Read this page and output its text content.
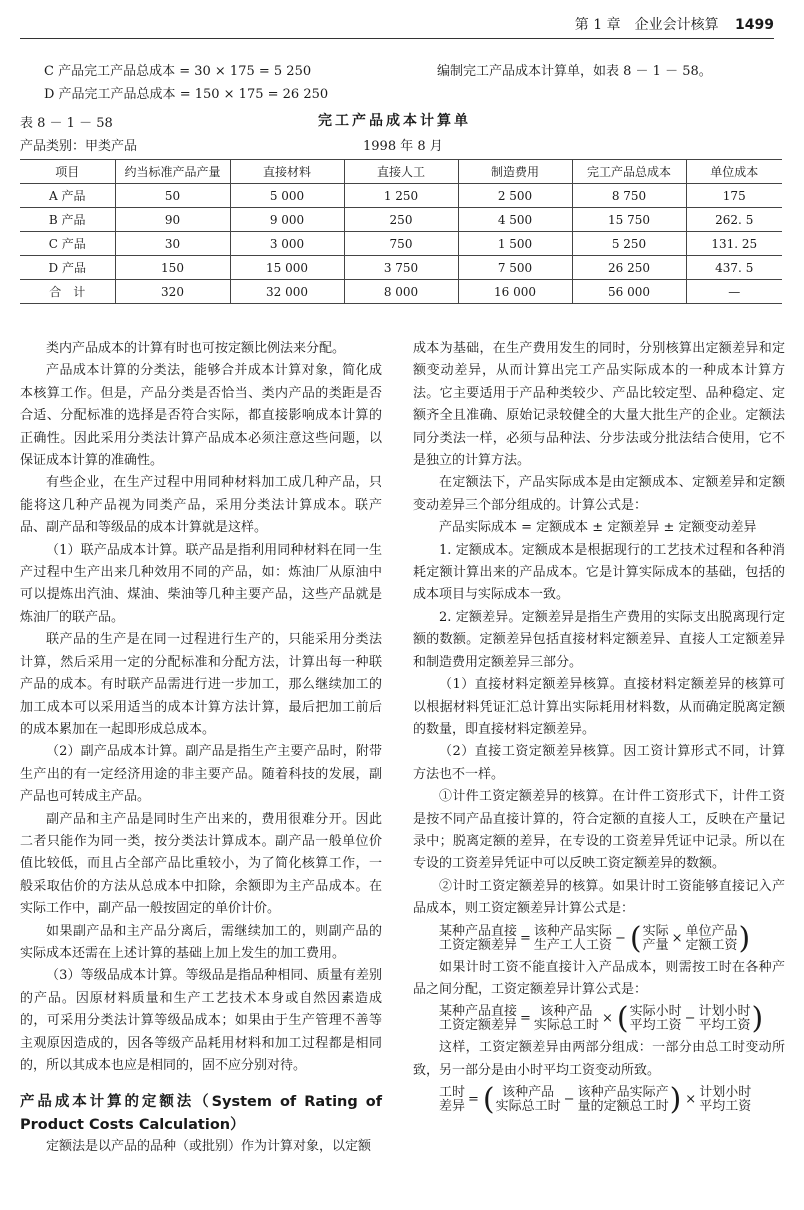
第 1 章　企业会计核算 1499
C 产品完工产品总成本 = 30 × 175 = 5 250
D 产品完工产品总成本 = 150 × 175 = 26 250
编制完工产品成本计算单，如表 8 － 1 － 58。
表 8 － 1 － 58	完工产品成本计算单
产品类别：甲类产品	1998 年 8 月
项目	约当标准产品产量	直接材料	直接人工	制造费用	完工产品总成本	单位成本
A 产品	50	5 000	1 250	2 500	8 750	175
B 产品	90	9 000	250	4 500	15 750	262. 5
C 产品	30	3 000	750	1 500	5 250	131. 25
D 产品	150	15 000	3 750	7 500	26 250	437. 5
合　计	320	32 000	8 000	16 000	56 000	—

类内产品成本的计算有时也可按定额比例法来分配。

产品成本计算的分类法，能够合并成本计算对象，简化成本核算工作。但是，产品分类是否恰当、类内产品的类距是否合适、分配标准的选择是否符合实际，都直接影响成本计算的正确性。因此采用分类法计算产品成本必须注意这些问题，以保证成本计算的准确性。

有些企业，在生产过程中用同种材料加工成几种产品，只能将这几种产品视为同类产品，采用分类法计算成本。联产品、副产品和等级品的成本计算就是这样。

（1）联产品成本计算。联产品是指利用同种材料在同一生产过程中生产出来几种效用不同的产品，如：炼油厂从原油中可以提炼出汽油、煤油、柴油等几种主要产品，这些产品就是炼油厂的联产品。

联产品的生产是在同一过程进行生产的，只能采用分类法计算，然后采用一定的分配标准和分配方法，计算出每一种联产品的成本。有时联产品需进行进一步加工，那么继续加工的加工成本可以采用适当的成本计算方法计算，最后把加工前后的成本累加在一起即形成总成本。

（2）副产品成本计算。副产品是指生产主要产品时，附带生产出的有一定经济用途的非主要产品。随着科技的发展，副产品也可转成主产品。

副产品和主产品是同时生产出来的，费用很难分开。因此二者只能作为同一类，按分类法计算成本。副产品一般单位价值比较低，而且占全部产品比重较小，为了简化核算工作，一般采取估价的方法从总成本中扣除，余额即为主产品成本。在实际工作中，副产品一般按固定的单价计价。

如果副产品和主产品分离后，需继续加工的，则副产品的实际成本还需在上述计算的基础上加上发生的加工费用。

（3）等级品成本计算。等级品是指品种相同、质量有差别的产品。因原材料质量和生产工艺技术本身或自然因素造成的，可采用分类法计算等级品成本；如果由于生产管理不善等主观原因造成的，因各等级产品耗用材料和加工过程都是相同的，所以其成本也应是相同的，固不应分别对待。

产品成本计算的定额法（System of Rating of Product Costs Calculation）

定额法是以产品的品种（或批别）作为计算对象，以定额

成本为基础，在生产费用发生的同时，分别核算出定额差异和定额变动差异，从而计算出完工产品实际成本的一种成本计算方法。它主要适用于产品种类较少、产品比较定型、品种稳定、定额齐全且准确、原始记录较健全的大量大批生产的企业。定额法同分类法一样，必须与品种法、分步法或分批法结合使用，它不是独立的计算方法。

在定额法下，产品实际成本是由定额成本、定额差异和定额变动差异三个部分组成的。计算公式是：

产品实际成本 = 定额成本 ± 定额差异 ± 定额变动差异

1. 定额成本。定额成本是根据现行的工艺技术过程和各种消耗定额计算出来的产品成本。它是计算实际成本的基础，包括的成本项目与实际成本一致。

2. 定额差异。定额差异是指生产费用的实际支出脱离现行定额的数额。定额差异包括直接材料定额差异、直接人工定额差异和制造费用定额差异三部分。

（1）直接材料定额差异核算。直接材料定额差异的核算可以根据材料凭证汇总计算出实际耗用材料数，从而确定脱离定额的数量，即直接材料定额差异。

（2）直接工资定额差异核算。因工资计算形式不同，计算方法也不一样。

①计件工资定额差异的核算。在计件工资形式下，计件工资是按不同产品直接计算的，符合定额的直接人工，反映在产量记录中；脱离定额的差异，在专设的工资差异凭证中记录。所以在专设的工资差异凭证中可以反映工资定额差异的数额。

②计时工资定额差异的核算。如果计时工资能够直接记入产品成本，则工资定额差异计算公式是：

某种产品直接
工资定额差异 = 该种产品实际
生产工人工资 − ( 实际
产量 × 单位产品
定额工资 )

如果计时工资不能直接计入产品成本，则需按工时在各种产品之间分配，工资定额差异计算公式是：

某种产品直接
工资定额差异 = 该种产品
实际总工时 × ( 实际小时
平均工资 − 计划小时
平均工资 )

这样，工资定额差异由两部分组成：一部分由总工时变动所致，另一部分是由小时平均工资变动所致。

工时
差异 = ( 该种产品
实际总工时 − 该种产品实际产
量的定额总工时 ) × 计划小时
平均工资
